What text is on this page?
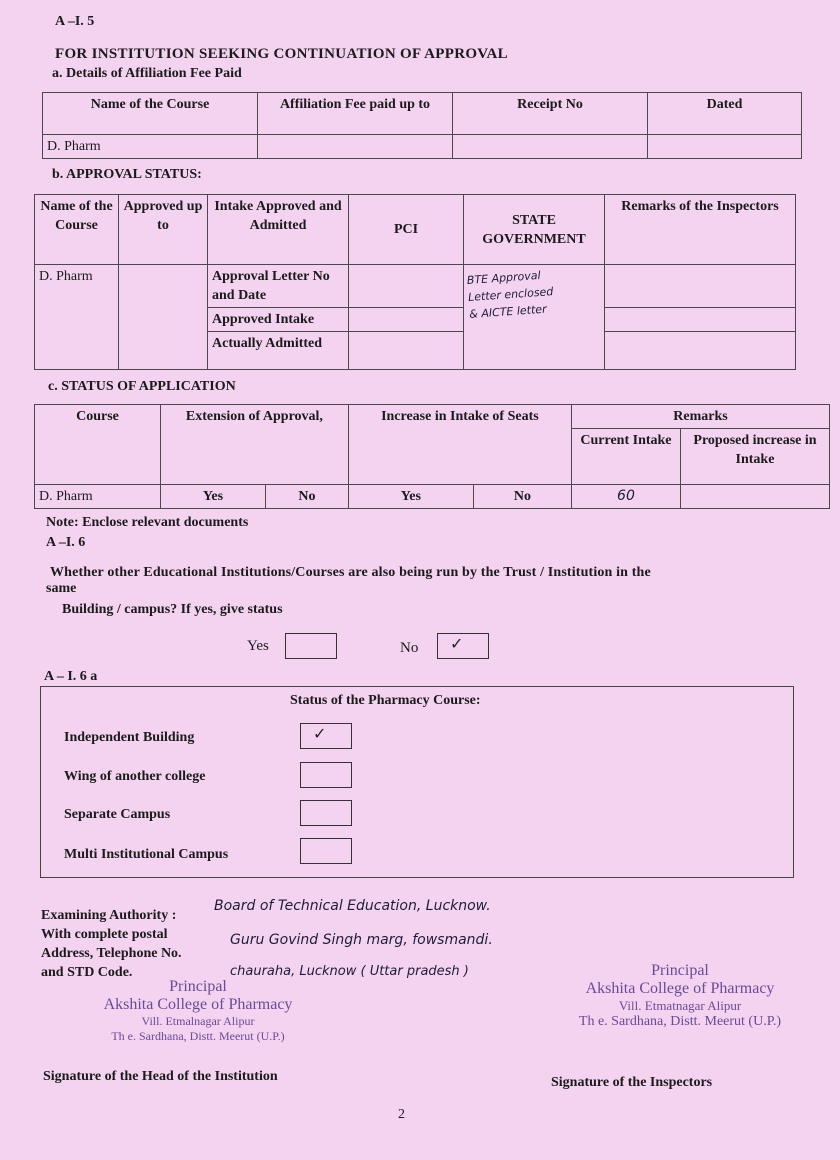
A –I. 5
FOR INSTITUTION SEEKING CONTINUATION OF APPROVAL
a. Details of Affiliation Fee Paid
Name of the Course	Affiliation Fee paid up to	Receipt No	Dated
D. Pharm			
b. APPROVAL STATUS:
Name of the Course	Approved up to	Intake Approved and Admitted	PCI	STATE GOVERNMENT	Remarks of the Inspectors
D. Pharm		Approval Letter No and Date		BTE Approval
Letter enclosed
& AICTE letter	

		Approved Intake			
		Actually Admitted			
c. STATUS OF APPLICATION
Course	Extension of Approval,		Increase in Intake of Seats		Remarks	
					Current Intake	Proposed increase in Intake
D. Pharm	Yes	No	Yes	No	60	
Note: Enclose relevant documents
A –I. 6
Whether other Educational Institutions/Courses are also being run by the Trust / Institution in the
same
Building / campus? If yes, give status
Yes	No ✓
A – I. 6 a
Status of the Pharmacy Course:
Independent Building
Wing of another college
Separate Campus
Multi Institutional Campus
✓
Examining Authority :
With complete postal
Address, Telephone No.
and STD Code.
Board of Technical Education, Lucknow.
Guru Govind Singh marg, fowsmandi.
chauraha, Lucknow ( Uttar pradesh )
Principal
Akshita College of Pharmacy
Vill. Etmalnagar Alipur
Th e. Sardhana, Distt. Meerut (U.P.)
Signature of the Head of the Institution
Principal
Akshita College of Pharmacy
Vill. Etmatnagar Alipur
Th e. Sardhana, Distt. Meerut (U.P.)
Signature of the Inspectors
2
